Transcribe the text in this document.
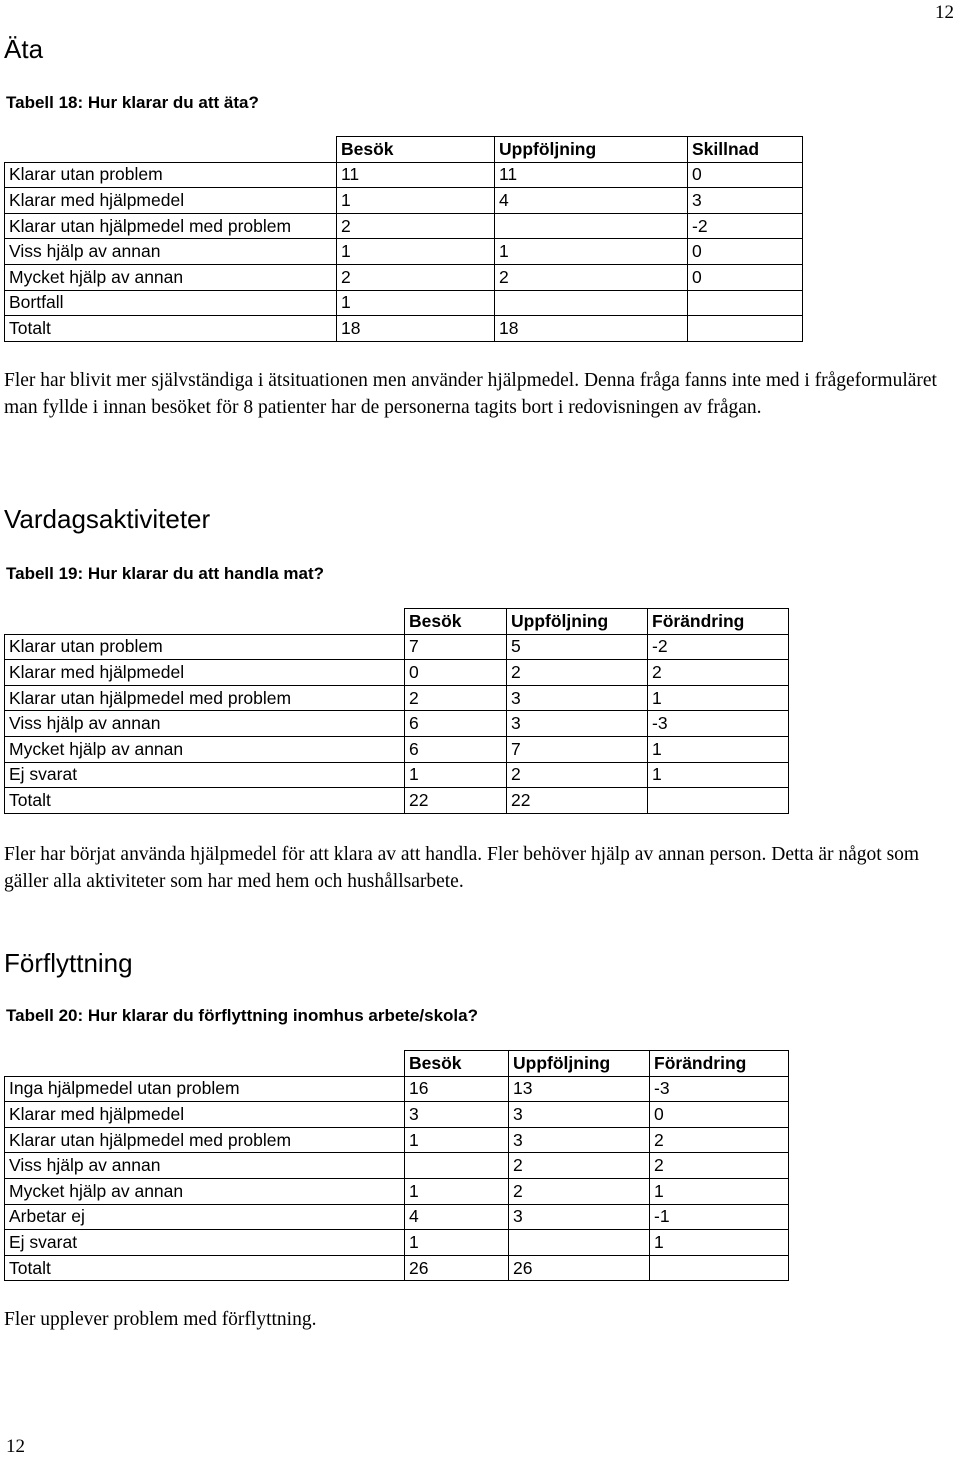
12
Äta
Tabell 18: Hur klarar du att äta?
	Besök	Uppföljning	Skillnad
Klarar utan problem	11	11	0
Klarar med hjälpmedel	1	4	3
Klarar utan hjälpmedel med problem	2		-2
Viss hjälp av annan	1	1	0
Mycket hjälp av annan	2	2	0
Bortfall	1		
Totalt	18	18	
Fler har blivit mer självständiga i ätsituationen men använder hjälpmedel. Denna fråga fanns inte med i frågeformuläret man fyllde i innan besöket för 8 patienter har de personerna tagits bort i redovisningen av frågan.
Vardagsaktiviteter
Tabell 19: Hur klarar du att handla mat?
	Besök	Uppföljning	Förändring
Klarar utan problem	7	5	-2
Klarar med hjälpmedel	0	2	2
Klarar utan hjälpmedel med problem	2	3	1
Viss hjälp av annan	6	3	-3
Mycket hjälp av annan	6	7	1
Ej svarat	1	2	1
Totalt	22	22	
Fler har börjat använda hjälpmedel för att klara av att handla. Fler behöver hjälp av annan person. Detta är något som gäller alla aktiviteter som har med hem och hushållsarbete.
Förflyttning
Tabell 20: Hur klarar du förflyttning inomhus arbete/skola?
	Besök	Uppföljning	Förändring
Inga hjälpmedel utan problem	16	13	-3
Klarar med hjälpmedel	3	3	0
Klarar utan hjälpmedel med problem	1	3	2
Viss hjälp av annan		2	2
Mycket hjälp av annan	1	2	1
Arbetar ej	4	3	-1
Ej svarat	1		1
Totalt	26	26	
Fler upplever problem med förflyttning.
12
